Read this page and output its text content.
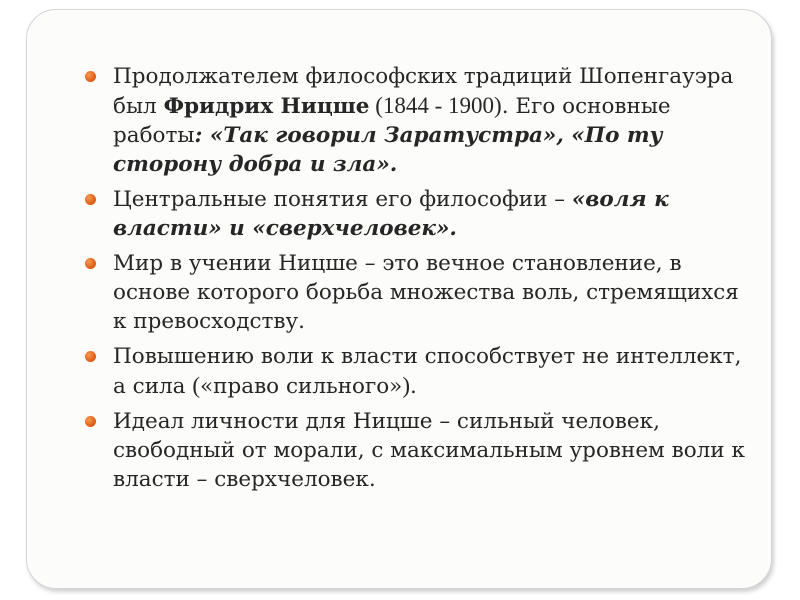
Продолжателем философских традиций Шопенгауэра был Фридрих Ницше (1844 - 1900). Его основные работы: «Так говорил Заратустра», «По ту сторону добра и зла».
Центральные понятия его философии – «воля к власти» и «сверхчеловек».
Мир в учении Ницше – это вечное становление, в основе которого борьба множества воль, стремящихся к превосходству.
Повышению воли к власти способствует не интеллект, а сила («право сильного»).
Идеал личности для Ницше – сильный человек, свободный от морали, с максимальным уровнем воли к власти – сверхчеловек.
